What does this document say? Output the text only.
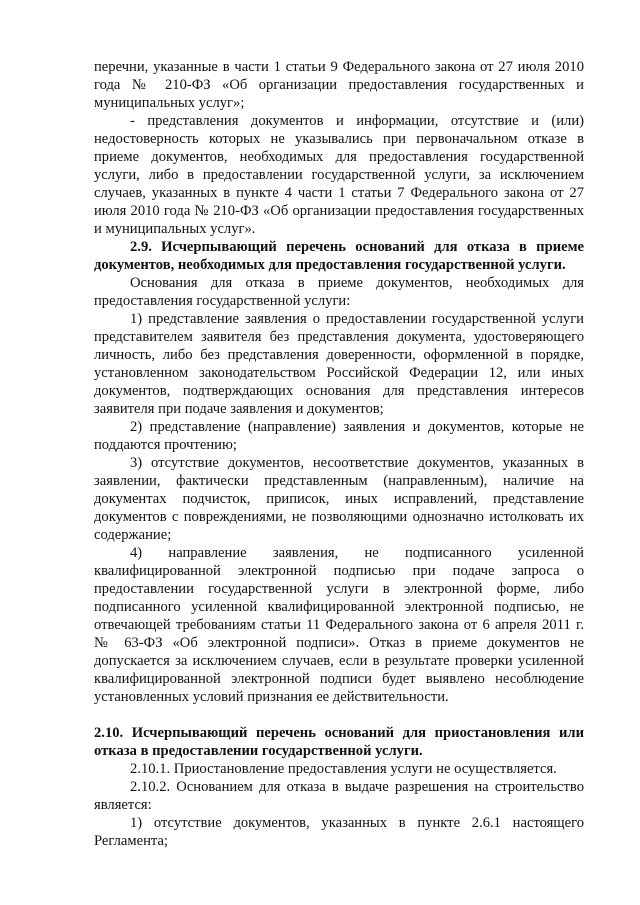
перечни, указанные в части 1 статьи 9 Федерального закона от 27 июля 2010 года № 210-ФЗ «Об организации предоставления государственных и муниципальных услуг»;

- представления документов и информации, отсутствие и (или) недостоверность которых не указывались при первоначальном отказе в приеме документов, необходимых для предоставления государственной услуги, либо в предоставлении государственной услуги, за исключением случаев, указанных в пункте 4 части 1 статьи 7 Федерального закона от 27 июля 2010 года № 210-ФЗ «Об организации предоставления государственных и муниципальных услуг».

2.9. Исчерпывающий перечень оснований для отказа в приеме документов, необходимых для предоставления государственной услуги.

Основания для отказа в приеме документов, необходимых для предоставления государственной услуги:

1) представление заявления о предоставлении государственной услуги представителем заявителя без представления документа, удостоверяющего личность, либо без представления доверенности, оформленной в порядке, установленном законодательством Российской Федерации 12, или иных документов, подтверждающих основания для представления интересов заявителя при подаче заявления и документов;

2) представление (направление) заявления и документов, которые не поддаются прочтению;

3) отсутствие документов, несоответствие документов, указанных в заявлении, фактически представленным (направленным), наличие на документах подчисток, приписок, иных исправлений, представление документов с повреждениями, не позволяющими однозначно истолковать их содержание;

4) направление заявления, не подписанного усиленной квалифицированной электронной подписью при подаче запроса о предоставлении государственной услуги в электронной форме, либо подписанного усиленной квалифицированной электронной подписью, не отвечающей требованиям статьи 11 Федерального закона от 6 апреля 2011 г. № 63-ФЗ «Об электронной подписи». Отказ в приеме документов не допускается за исключением случаев, если в результате проверки усиленной квалифицированной электронной подписи будет выявлено несоблюдение установленных условий признания ее действительности.

2.10. Исчерпывающий перечень оснований для приостановления или отказа в предоставлении государственной услуги.

2.10.1. Приостановление предоставления услуги не осуществляется.

2.10.2. Основанием для отказа в выдаче разрешения на строительство является:

1) отсутствие документов, указанных в пункте 2.6.1 настоящего Регламента;
